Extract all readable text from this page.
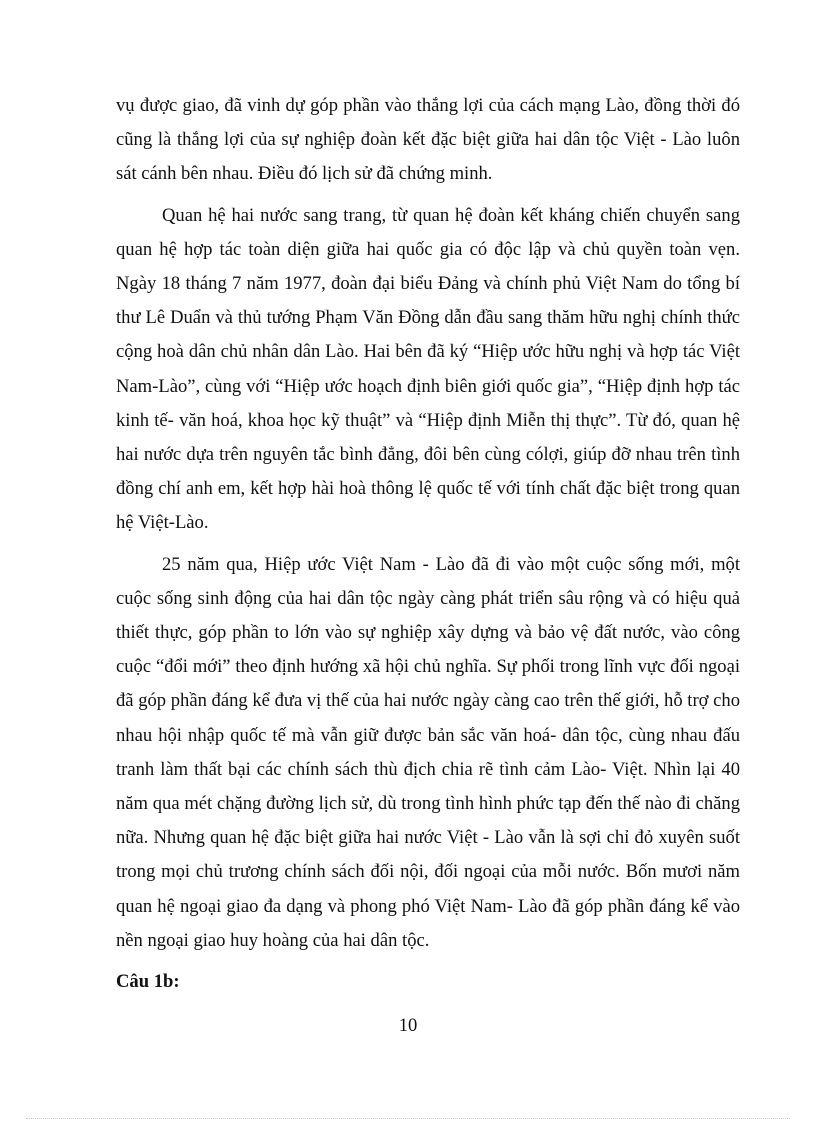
vụ được giao, đã vinh dự góp phần vào thắng lợi của cách mạng Lào, đồng thời đó cũng là thắng lợi của sự nghiệp đoàn kết đặc biệt giữa hai dân tộc Việt - Lào luôn sát cánh bên nhau. Điều đó lịch sử đã chứng minh.

Quan hệ hai nước sang trang, từ quan hệ đoàn kết kháng chiến chuyển sang quan hệ hợp tác toàn diện giữa hai quốc gia có độc lập và chủ quyền toàn vẹn. Ngày 18 tháng 7 năm 1977, đoàn đại biểu Đảng và chính phủ Việt Nam do tổng bí thư Lê Duẩn và thủ tướng Phạm Văn Đồng dẫn đầu sang thăm hữu nghị chính thức cộng hoà dân chủ nhân dân Lào. Hai bên đã ký “Hiệp ước hữu nghị và hợp tác Việt Nam-Lào”, cùng với “Hiệp ước hoạch định biên giới quốc gia”, “Hiệp định hợp tác kinh tế- văn hoá, khoa học kỹ thuật” và “Hiệp định Miễn thị thực”. Từ đó, quan hệ hai nước dựa trên nguyên tắc bình đẳng, đôi bên cùng cólợi, giúp đỡ nhau trên tình đồng chí anh em, kết hợp hài hoà thông lệ quốc tế với tính chất đặc biệt trong quan hệ Việt-Lào.

25 năm qua, Hiệp ước Việt Nam - Lào đã đi vào một cuộc sống mới, một cuộc sống sinh động của hai dân tộc ngày càng phát triển sâu rộng và có hiệu quả thiết thực, góp phần to lớn vào sự nghiệp xây dựng và bảo vệ đất nước, vào công cuộc “đổi mới” theo định hướng xã hội chủ nghĩa. Sự phối trong lĩnh vực đối ngoại đã góp phần đáng kể đưa vị thế của hai nước ngày càng cao trên thế giới, hỗ trợ cho nhau hội nhập quốc tế mà vẫn giữ được bản sắc văn hoá- dân tộc, cùng nhau đấu tranh làm thất bại các chính sách thù địch chia rẽ tình cảm Lào- Việt. Nhìn lại 40 năm qua mét chặng đường lịch sử, dù trong tình hình phức tạp đến thế nào đi chăng nữa. Nhưng quan hệ đặc biệt giữa hai nước Việt - Lào vẫn là sợi chỉ đỏ xuyên suốt trong mọi chủ trương chính sách đối nội, đối ngoại của mỗi nước. Bốn mươi năm quan hệ ngoại giao đa dạng và phong phó Việt Nam- Lào đã góp phần đáng kể vào nền ngoại giao huy hoàng của hai dân tộc.

Câu 1b:

10
